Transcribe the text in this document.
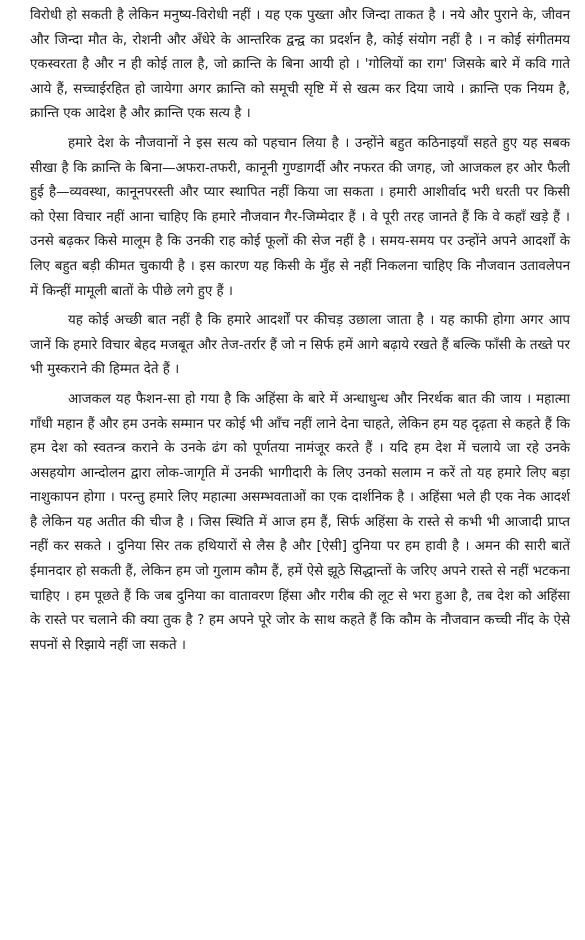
विरोधी हो सकती है लेकिन मनुष्य-विरोधी नहीं । यह एक पुख्ता और जिन्दा ताकत है । नये और पुराने के, जीवन और जिन्दा मौत के, रोशनी और अँधेरे के आन्तरिक द्वन्द्व का प्रदर्शन है, कोई संयोग नहीं है । न कोई संगीतमय एकस्वरता है और न ही कोई ताल है, जो क्रान्ति के बिना आयी हो । 'गोलियों का राग' जिसके बारे में कवि गाते आये हैं, सच्चाईरहित हो जायेगा अगर क्रान्ति को समूची सृष्टि में से खत्म कर दिया जाये । क्रान्ति एक नियम है, क्रान्ति एक आदेश है और क्रान्ति एक सत्य है ।

हमारे देश के नौजवानों ने इस सत्य को पहचान लिया है । उन्होंने बहुत कठिनाइयाँ सहते हुए यह सबक सीखा है कि क्रान्ति के बिना—अफरा-तफरी, कानूनी गुण्डागर्दी और नफरत की जगह, जो आजकल हर ओर फैली हुई है—व्यवस्था, कानूनपरस्ती और प्यार स्थापित नहीं किया जा सकता । हमारी आशीर्वाद भरी धरती पर किसी को ऐसा विचार नहीं आना चाहिए कि हमारे नौजवान गैर-जिम्मेदार हैं । वे पूरी तरह जानते हैं कि वे कहाँ खड़े हैं । उनसे बढ़कर किसे मालूम है कि उनकी राह कोई फूलों की सेज नहीं है । समय-समय पर उन्होंने अपने आदर्शों के लिए बहुत बड़ी कीमत चुकायी है । इस कारण यह किसी के मुँह से नहीं निकलना चाहिए कि नौजवान उतावलेपन में किन्हीं मामूली बातों के पीछे लगे हुए हैं ।

यह कोई अच्छी बात नहीं है कि हमारे आदर्शों पर कीचड़ उछाला जाता है । यह काफी होगा अगर आप जानें कि हमारे विचार बेहद मजबूत और तेज-तर्रार हैं जो न सिर्फ हमें आगे बढ़ाये रखते हैं बल्कि फाँसी के तख्ते पर भी मुस्कराने की हिम्मत देते हैं ।

आजकल यह फैशन-सा हो गया है कि अहिंसा के बारे में अन्धाधुन्ध और निरर्थक बात की जाय । महात्मा गाँधी महान हैं और हम उनके सम्मान पर कोई भी आँच नहीं लाने देना चाहते, लेकिन हम यह दृढ़ता से कहते हैं कि हम देश को स्वतन्त्र कराने के उनके ढंग को पूर्णतया नामंजूर करते हैं । यदि हम देश में चलाये जा रहे उनके असहयोग आन्दोलन द्वारा लोक-जागृति में उनकी भागीदारी के लिए उनको सलाम न करें तो यह हमारे लिए बड़ा नाशुकापन होगा । परन्तु हमारे लिए महात्मा असम्भवताओं का एक दार्शनिक है । अहिंसा भले ही एक नेक आदर्श है लेकिन यह अतीत की चीज है । जिस स्थिति में आज हम हैं, सिर्फ अहिंसा के रास्ते से कभी भी आजादी प्राप्त नहीं कर सकते । दुनिया सिर तक हथियारों से लैस है और [ऐसी] दुनिया पर हम हावी है । अमन की सारी बातें ईमानदार हो सकती हैं, लेकिन हम जो गुलाम कौम हैं, हमें ऐसे झूठे सिद्धान्तों के जरिए अपने रास्ते से नहीं भटकना चाहिए । हम पूछते हैं कि जब दुनिया का वातावरण हिंसा और गरीब की लूट से भरा हुआ है, तब देश को अहिंसा के रास्ते पर चलाने की क्या तुक है ? हम अपने पूरे जोर के साथ कहते हैं कि कौम के नौजवान कच्ची नींद के ऐसे सपनों से रिझाये नहीं जा सकते ।
